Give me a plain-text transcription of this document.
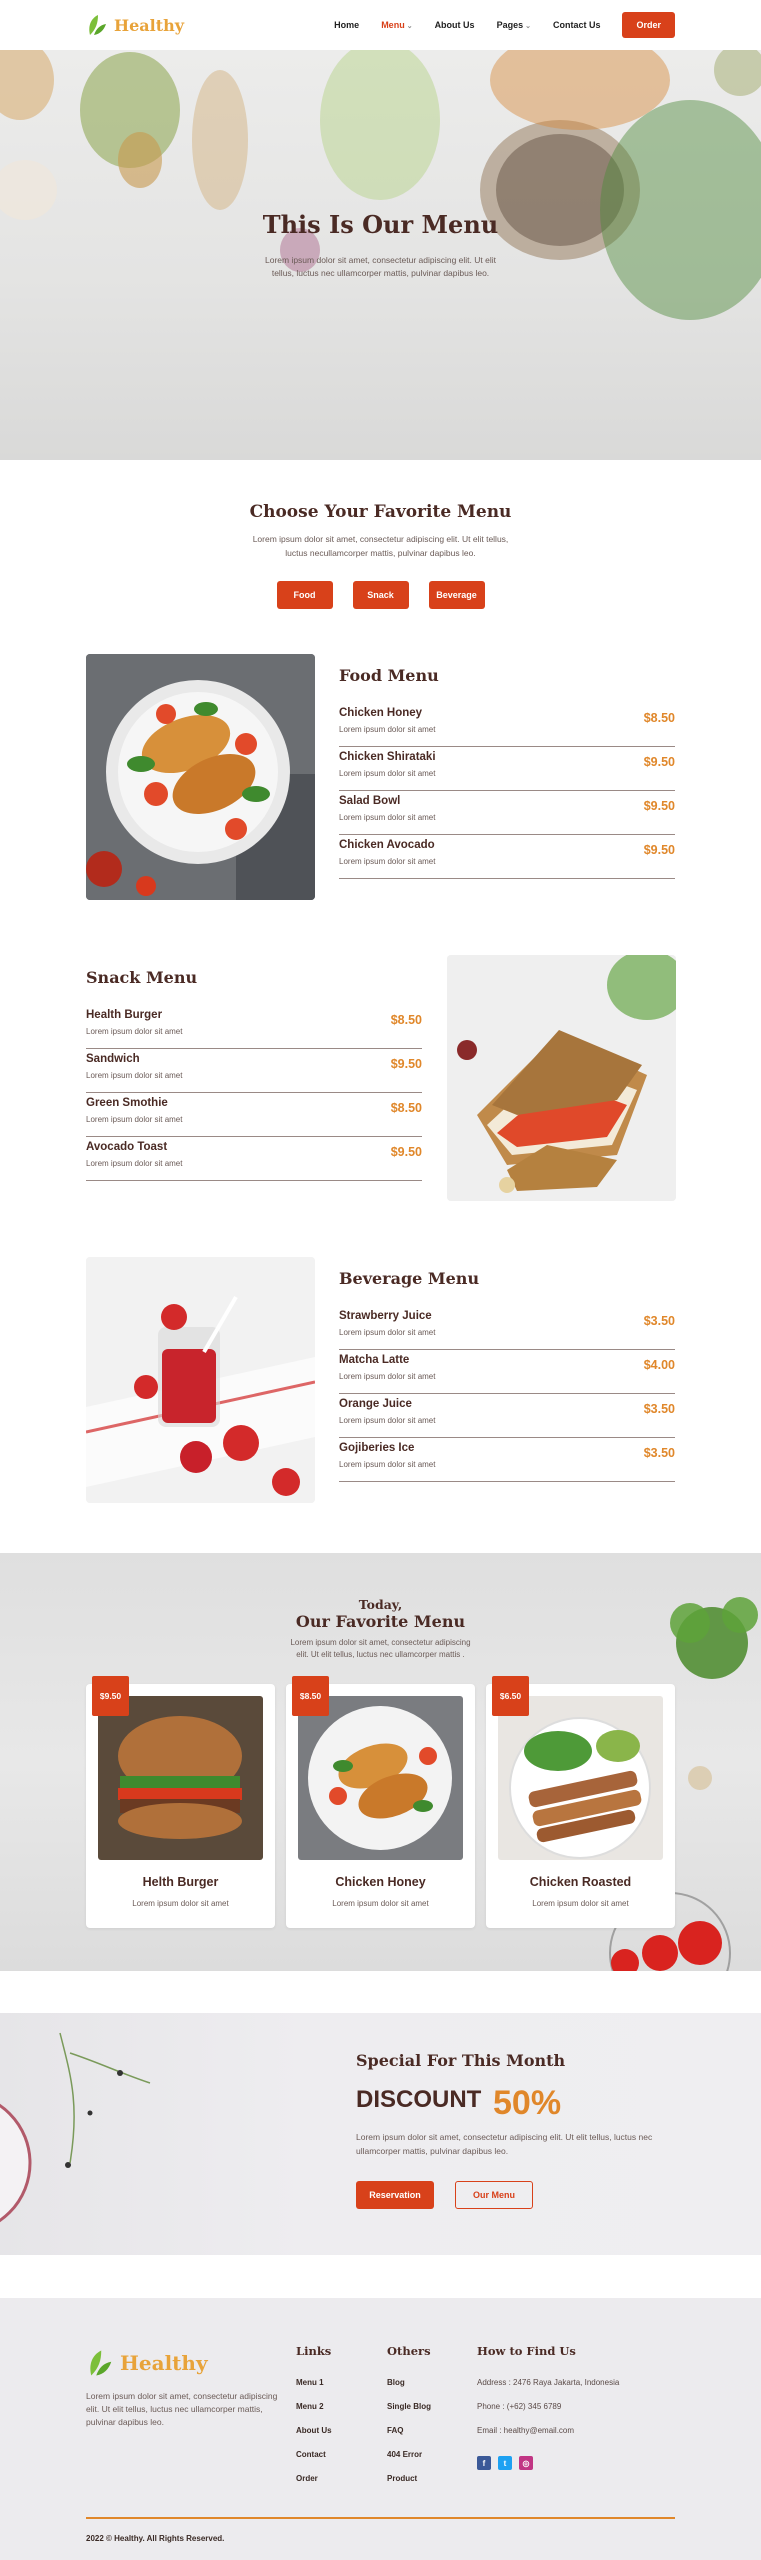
Healthy	Home Menu ⌄ About Us Pages ⌄ Contact Us	Order
This Is Our Menu
Lorem ipsum dolor sit amet, consectetur adipiscing elit. Ut elit tellus, luctus nec ullamcorper mattis, pulvinar dapibus leo.
Choose Your Favorite Menu
Lorem ipsum dolor sit amet, consectetur adipiscing elit. Ut elit tellus, luctus necullamcorper mattis, pulvinar dapibus leo.
Food	Snack	Beverage
Food Menu
Chicken Honey
Lorem ipsum dolor sit amet
$8.50
Chicken Shirataki
Lorem ipsum dolor sit amet
$9.50
Salad Bowl
Lorem ipsum dolor sit amet
$9.50
Chicken Avocado
Lorem ipsum dolor sit amet
$9.50
Snack Menu
Health Burger
Lorem ipsum dolor sit amet
$8.50
Sandwich
Lorem ipsum dolor sit amet
$9.50
Green Smothie
Lorem ipsum dolor sit amet
$8.50
Avocado Toast
Lorem ipsum dolor sit amet
$9.50
Beverage Menu
Strawberry Juice
Lorem ipsum dolor sit amet
$3.50
Matcha Latte
Lorem ipsum dolor sit amet
$4.00
Orange Juice
Lorem ipsum dolor sit amet
$3.50
Gojiberies Ice
Lorem ipsum dolor sit amet
$3.50
Today,
Our Favorite Menu
Lorem ipsum dolor sit amet, consectetur adipiscing elit. Ut elit tellus, luctus nec ullamcorper mattis .
$9.50
Helth Burger
Lorem ipsum dolor sit amet
$8.50
Chicken Honey
Lorem ipsum dolor sit amet
$6.50
Chicken Roasted
Lorem ipsum dolor sit amet
Special For This Month
DISCOUNT 50%
Lorem ipsum dolor sit amet, consectetur adipiscing elit. Ut elit tellus, luctus nec ullamcorper mattis, pulvinar dapibus leo.
Reservation	Our Menu
Healthy
Lorem ipsum dolor sit amet, consectetur adipiscing elit. Ut elit tellus, luctus nec ullamcorper mattis, pulvinar dapibus leo.
Links
Menu 1
Menu 2
About Us
Contact
Order
Others
Blog
Single Blog
FAQ
404 Error
Product
How to Find Us
Address : 2476 Raya Jakarta, Indonesia
Phone : (+62) 345 6789
Email : healthy@email.com
f	t	◎
2022 © Healthy. All Rights Reserved.
